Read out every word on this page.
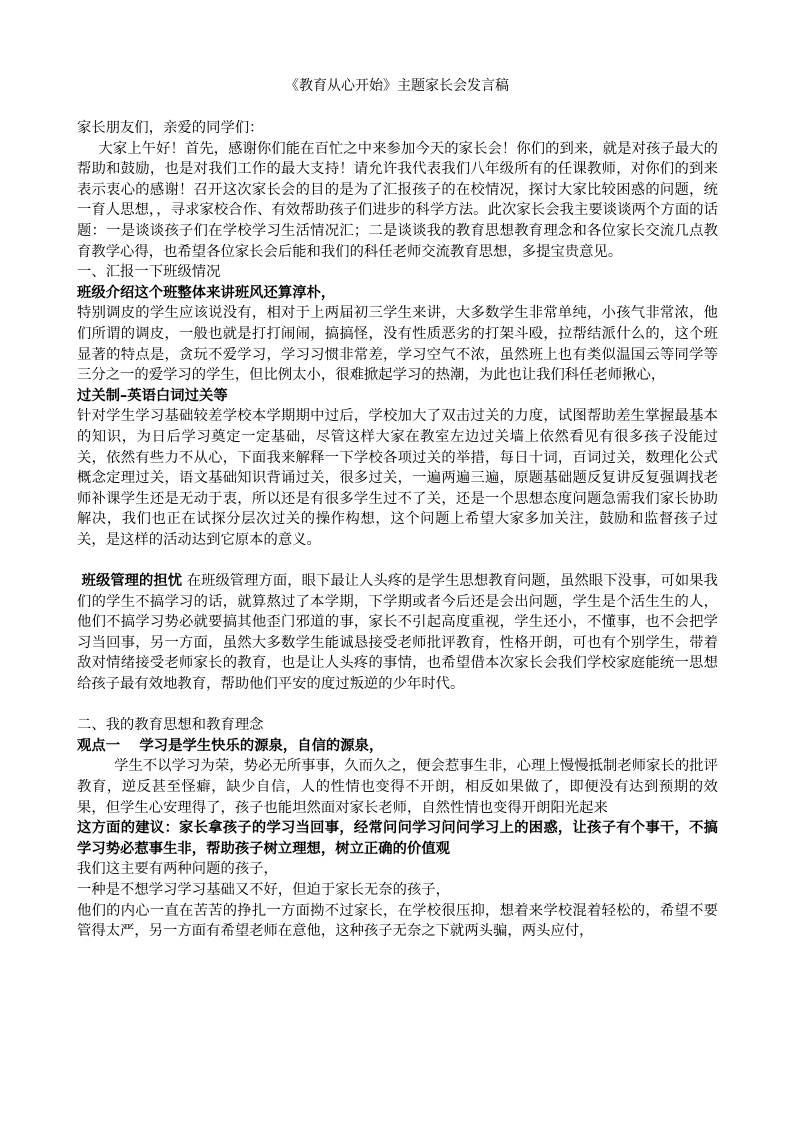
《教育从心开始》主题家长会发言稿

家长朋友们，亲爱的同学们：

大家上午好！首先，感谢你们能在百忙之中来参加今天的家长会！你们的到来，就是对孩子最大的帮助和鼓励，也是对我们工作的最大支持！请允许我代表我们八年级所有的任课教师，对你们的到来表示衷心的感谢！召开这次家长会的目的是为了汇报孩子的在校情况，探讨大家比较困惑的问题，统一育人思想，，寻求家校合作、有效帮助孩子们进步的科学方法。此次家长会我主要谈谈两个方面的话题：一是谈谈孩子们在学校学习生活情况汇；二是谈谈我的教育思想教育理念和各位家长交流几点教育教学心得，也希望各位家长会后能和我们的科任老师交流教育思想，多提宝贵意见。

一、汇报一下班级情况

班级介绍这个班整体来讲班风还算淳朴，

特别调皮的学生应该说没有，相对于上两届初三学生来讲，大多数学生非常单纯，小孩气非常浓，他们所谓的调皮，一般也就是打打闹闹，搞搞怪，没有性质恶劣的打架斗殴，拉帮结派什么的，这个班显著的特点是，贪玩不爱学习，学习习惯非常差，学习空气不浓，虽然班上也有类似温国云等同学等三分之一的爱学习的学生，但比例太小，很难掀起学习的热潮，为此也让我们科任老师揪心，

过关制–英语白词过关等

针对学生学习基础较差学校本学期期中过后，学校加大了双击过关的力度，试图帮助差生掌握最基本的知识，为日后学习奠定一定基础，尽管这样大家在教室左边过关墙上依然看见有很多孩子没能过关，依然有些力不从心，下面我来解释一下学校各项过关的举措，每日十词，百词过关，数理化公式概念定理过关，语文基础知识背诵过关，很多过关，一遍两遍三遍，原题基础题反复讲反复强调找老师补课学生还是无动于衷，所以还是有很多学生过不了关，还是一个思想态度问题急需我们家长协助解决，我们也正在试探分层次过关的操作构想，这个问题上希望大家多加关注，鼓励和监督孩子过关，是这样的活动达到它原本的意义。

班级管理的担忧 在班级管理方面，眼下最让人头疼的是学生思想教育问题，虽然眼下没事，可如果我们的学生不搞学习的话，就算熬过了本学期，下学期或者今后还是会出问题，学生是个活生生的人，他们不搞学习势必就要搞其他歪门邪道的事，家长不引起高度重视，学生还小，不懂事，也不会把学习当回事，另一方面，虽然大多数学生能诚恳接受老师批评教育，性格开朗，可也有个别学生，带着敌对情绪接受老师家长的教育，也是让人头疼的事情，也希望借本次家长会我们学校家庭能统一思想给孩子最有效地教育，帮助他们平安的度过叛逆的少年时代。

二、我的教育思想和教育理念

观点一　 学习是学生快乐的源泉，自信的源泉，

学生不以学习为荣，势必无所事事，久而久之，便会惹事生非，心理上慢慢抵制老师家长的批评教育，逆反甚至怪癖，缺少自信，人的性情也变得不开朗，相反如果做了，即便没有达到预期的效果，但学生心安理得了，孩子也能坦然面对家长老师，自然性情也变得开朗阳光起来

这方面的建议：家长拿孩子的学习当回事，经常问问学习问问学习上的困惑，让孩子有个事干，不搞学习势必惹事生非，帮助孩子树立理想，树立正确的价值观

我们这主要有两种问题的孩子，

一种是不想学习学习基础又不好，但迫于家长无奈的孩子，

他们的内心一直在苦苦的挣扎一方面拗不过家长，在学校很压抑，想着来学校混着轻松的，希望不要管得太严，另一方面有希望老师在意他，这种孩子无奈之下就两头骗，两头应付，
